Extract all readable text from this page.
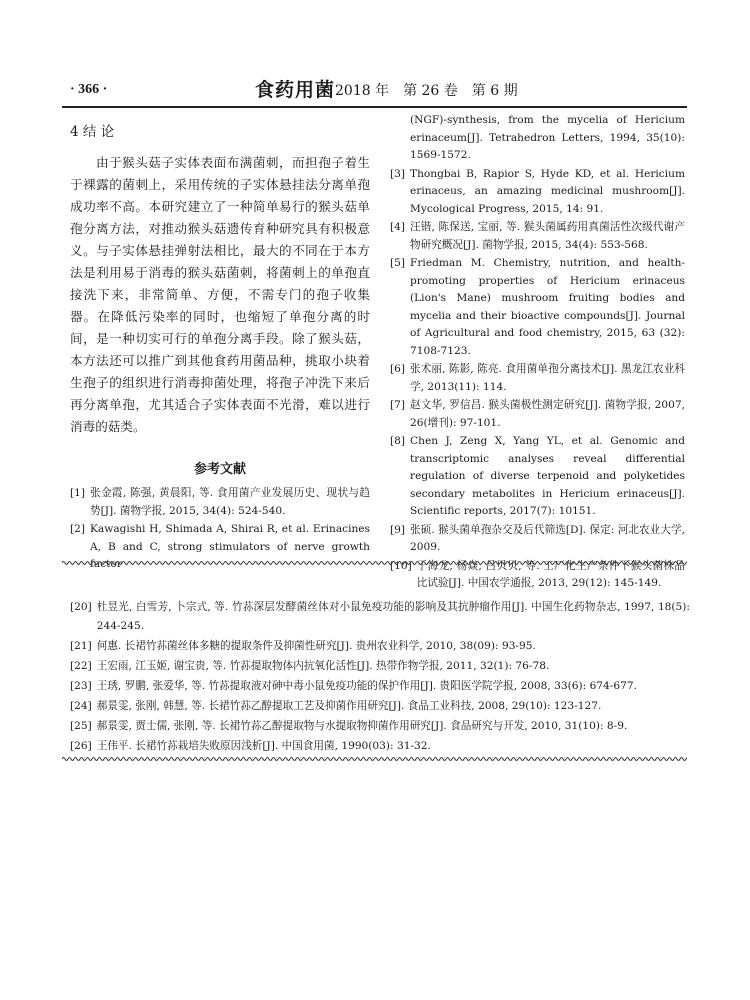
· 366 ·	食药用菌 2018 年　第 26 卷　第 6 期
4 结 论

由于猴头菇子实体表面布满菌刺，而担孢子着生于裸露的菌刺上，采用传统的子实体悬挂法分离单孢成功率不高。本研究建立了一种简单易行的猴头菇单孢分离方法，对推动猴头菇遗传育种研究具有积极意义。与子实体悬挂弹射法相比，最大的不同在于本方法是利用易于消毒的猴头菇菌刺，将菌刺上的单孢直接洗下来，非常简单、方便，不需专门的孢子收集器。在降低污染率的同时，也缩短了单孢分离的时间，是一种切实可行的单孢分离手段。除了猴头菇，本方法还可以推广到其他食药用菌品种，挑取小块着生孢子的组织进行消毒抑菌处理，将孢子冲洗下来后再分离单孢，尤其适合子实体表面不光滑，难以进行消毒的菇类。

参考文献
[1] 张金霞, 陈强, 黄晨阳, 等. 食用菌产业发展历史、现状与趋势[J]. 菌物学报, 2015, 34(4): 524-540.
[2] Kawagishi H, Shimada A, Shirai R, et al. Erinacines A, B and C, strong stimulators of nerve growth factor
(NGF)-synthesis, from the mycelia of Hericium erinaceum[J]. Tetrahedron Letters, 1994, 35(10): 1569-1572.
[3] Thongbai B, Rapior S, Hyde KD, et al. Hericium erinaceus, an amazing medicinal mushroom[J]. Mycological Progress, 2015, 14: 91.
[4] 汪锴, 陈保送, 宝丽, 等. 猴头菌属药用真菌活性次级代谢产物研究概况[J]. 菌物学报, 2015, 34(4): 553-568.
[5] Friedman M. Chemistry, nutrition, and health-promoting properties of Hericium erinaceus (Lion's Mane) mushroom fruiting bodies and mycelia and their bioactive compounds[J]. Journal of Agricultural and food chemistry, 2015, 63 (32): 7108-7123.
[6] 张术丽, 陈影, 陈亮. 食用菌单孢分离技术[J]. 黑龙江农业科学, 2013(11): 114.
[7] 赵文华, 罗信昌. 猴头菌极性测定研究[J]. 菌物学报, 2007, 26(增刊): 97-101.
[8] Chen J, Zeng X, Yang YL, et al. Genomic and transcriptomic analyses reveal differential regulation of diverse terpenoid and polyketides secondary metabolites in Hericium erinaceus[J]. Scientific reports, 2017(7): 10151.
[9] 张硕. 猴头菌单孢杂交及后代筛选[D]. 保定: 河北农业大学, 2009.
[10] 于海龙, 杨焱, 吕贝贝, 等. 工厂化生产条件下猴头菌株品比试验[J]. 中国农学通报, 2013, 29(12): 145-149.
[20] 杜昱光, 白雪芳, 卜宗式, 等. 竹荪深层发酵菌丝体对小鼠免疫功能的影响及其抗肿瘤作用[J]. 中国生化药物杂志, 1997, 18(5): 244-245.
[21] 何惠. 长裙竹荪菌丝体多糖的提取条件及抑菌性研究[J]. 贵州农业科学, 2010, 38(09): 93-95.
[22] 王宏雨, 江玉姬, 谢宝贵, 等. 竹荪提取物体内抗氧化活性[J]. 热带作物学报, 2011, 32(1): 76-78.
[23] 王琇, 罗鹏, 张爱华, 等. 竹荪提取液对砷中毒小鼠免疫功能的保护作用[J]. 贵阳医学院学报, 2008, 33(6): 674-677.
[24] 郝景雯, 张刚, 韩慧, 等. 长裙竹荪乙醇提取工艺及抑菌作用研究[J]. 食品工业科技, 2008, 29(10): 123-127.
[25] 郝景雯, 贾士儒, 张刚, 等. 长裙竹荪乙醇提取物与水提取物抑菌作用研究[J]. 食品研究与开发, 2010, 31(10): 8-9.
[26] 王伟平. 长裙竹荪栽培失败原因浅析[J]. 中国食用菌, 1990(03): 31-32.
